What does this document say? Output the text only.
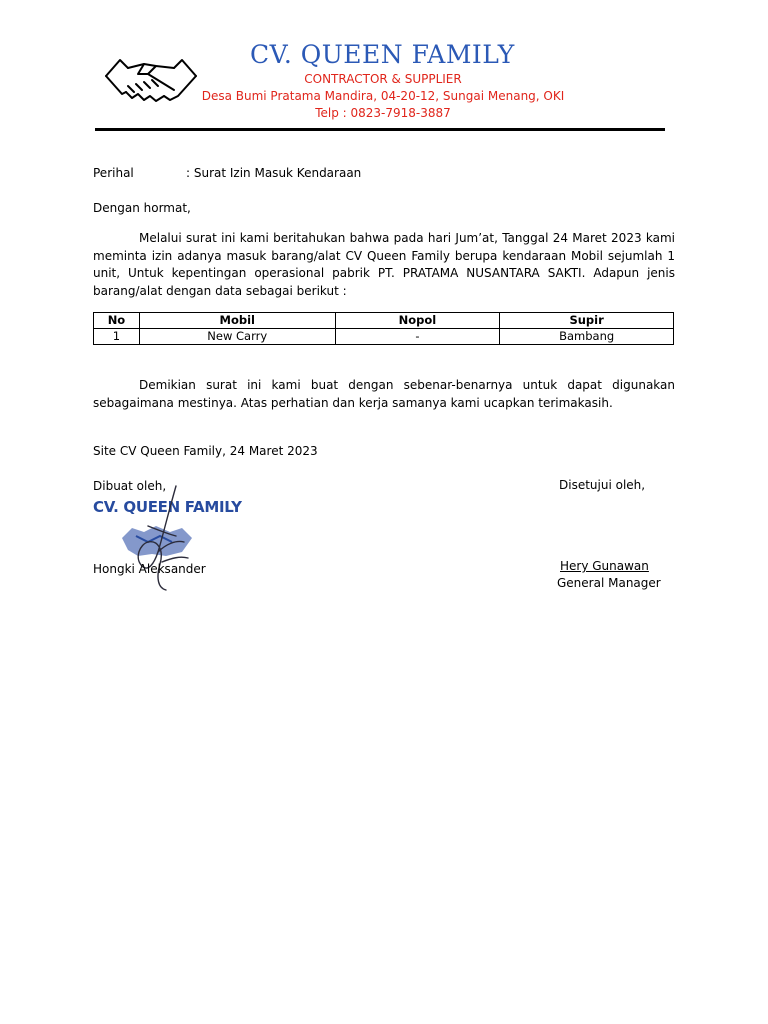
CV. QUEEN FAMILY
CONTRACTOR & SUPPLIER
Desa Bumi Pratama Mandira, 04-20-12, Sungai Menang, OKI
Telp : 0823-7918-3887
Perihal	: Surat Izin Masuk Kendaraan
Dengan hormat,
Melalui surat ini kami beritahukan bahwa pada hari Jum’at, Tanggal 24 Maret 2023 kami meminta izin adanya masuk barang/alat CV Queen Family berupa kendaraan Mobil sejumlah 1 unit, Untuk kepentingan operasional pabrik PT. PRATAMA NUSANTARA SAKTI. Adapun jenis barang/alat dengan data sebagai berikut :
No	Mobil	Nopol	Supir
1	New Carry	-	Bambang
Demikian surat ini kami buat dengan sebenar-benarnya untuk dapat digunakan sebagaimana mestinya. Atas perhatian dan kerja samanya kami ucapkan terimakasih.
Site CV Queen Family, 24 Maret 2023
Dibuat oleh,
CV. QUEEN FAMILY
Hongki Aleksander
Disetujui oleh,
Hery Gunawan
General Manager
